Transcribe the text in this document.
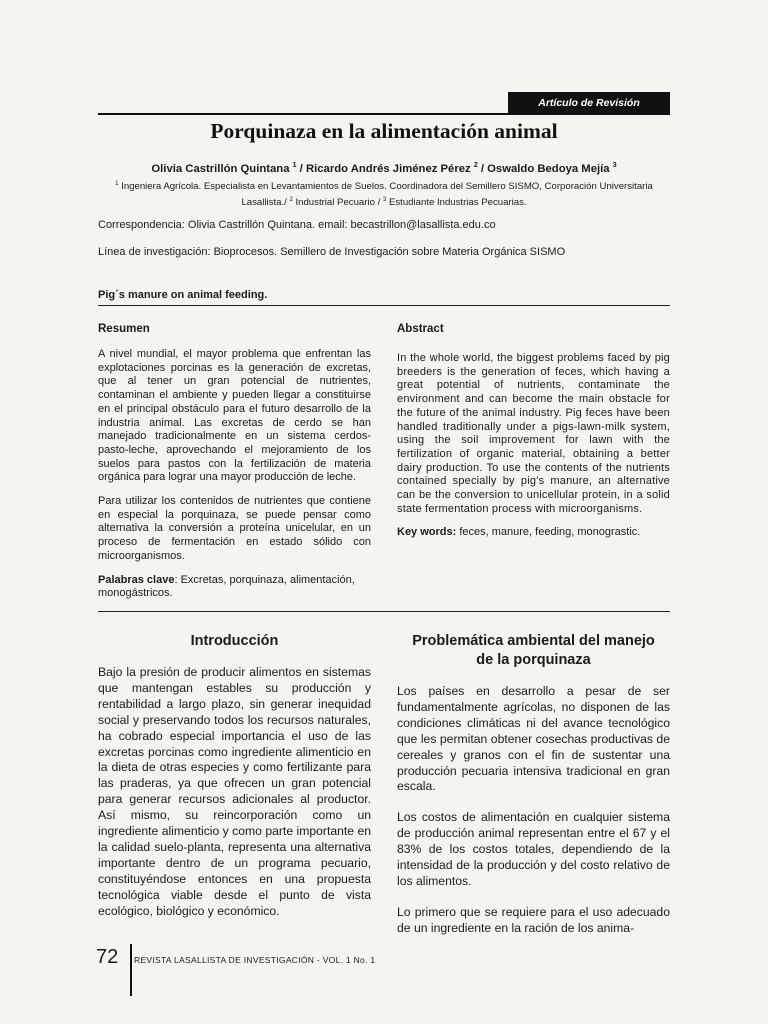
Artículo de Revisión
Porquinaza en la alimentación animal
Olivia Castrillón Quintana $^1$ / Ricardo Andrés Jiménez Pérez $^2$ / Oswaldo Bedoya Mejía $^3$
$^1$ Ingeniera Agrícola. Especialista en Levantamientos de Suelos. Coordinadora del Semillero SISMO, Corporación Universitaria Lasallista./ $^2$ Industrial Pecuario / $^3$ Estudiante Industrias Pecuarias.
Correspondencia: Olivia Castrillón Quintana. email: becastrillon@lasallista.edu.co
Línea de investigación: Bioprocesos. Semillero de Investigación sobre Materia Orgánica SISMO
Pig´s manure on animal feeding.
Resumen

A nivel mundial, el mayor problema que enfrentan las explotaciones porcinas es la generación de excretas, que al tener un gran potencial de nutrientes, contaminan el ambiente y pueden llegar a constituirse en el principal obstáculo para el futuro desarrollo de la industria animal. Las excretas de cerdo se han manejado tradicionalmente en un sistema cerdos-pasto-leche, aprovechando el mejoramiento de los suelos para pastos con la fertilización de materia orgánica para lograr una mayor producción de leche.

Para utilizar los contenidos de nutrientes que contiene en especial la porquinaza, se puede pensar como alternativa la conversión a proteína unicelular, en un proceso de fermentación en estado sólido con microorganismos.

Palabras clave: Excretas, porquinaza, alimentación, monogástricos.

Abstract

In the whole world, the biggest problems faced by pig breeders is the generation of feces, which having a great potential of nutrients, contaminate the environment and can become the main obstacle for the future of the animal industry. Pig feces have been handled traditionally under a pigs-lawn-milk system, using the soil improvement for lawn with the fertilization of organic material, obtaining a better dairy production. To use the contents of the nutrients contained specially by pig’s manure, an alternative can be the conversion to unicellular protein, in a solid state fermentation process with microorganisms.

Key words: feces, manure, feeding, monograstic.

Introducción

Bajo la presión de producir alimentos en sistemas que mantengan estables su producción y rentabilidad a largo plazo, sin generar inequidad social y preservando todos los recursos naturales, ha cobrado especial importancia el uso de las excretas porcinas como ingrediente alimenticio en la dieta de otras especies y como fertilizante para las praderas, ya que ofrecen un gran potencial para generar recursos adicionales al productor. Así mismo, su reincorporación como un ingrediente alimenticio y como parte importante en la calidad suelo-planta, representa una alternativa importante dentro de un programa pecuario, constituyéndose entonces en una propuesta tecnológica viable desde el punto de vista ecológico, biológico y económico.

Problemática ambiental del manejo
de la porquinaza

Los países en desarrollo a pesar de ser fundamentalmente agrícolas, no disponen de las condiciones climáticas ni del avance tecnológico que les permitan obtener cosechas productivas de cereales y granos con el fin de sustentar una producción pecuaria intensiva tradicional en gran escala.

Los costos de alimentación en cualquier sistema de producción animal representan entre el 67 y el 83% de los costos totales, dependiendo de la intensidad de la producción y del costo relativo de los alimentos.

Lo primero que se requiere para el uso adecuado de un ingrediente en la ración de los anima-

72 REVISTA LASALLISTA DE INVESTIGACIÓN - VOL. 1 No. 1
